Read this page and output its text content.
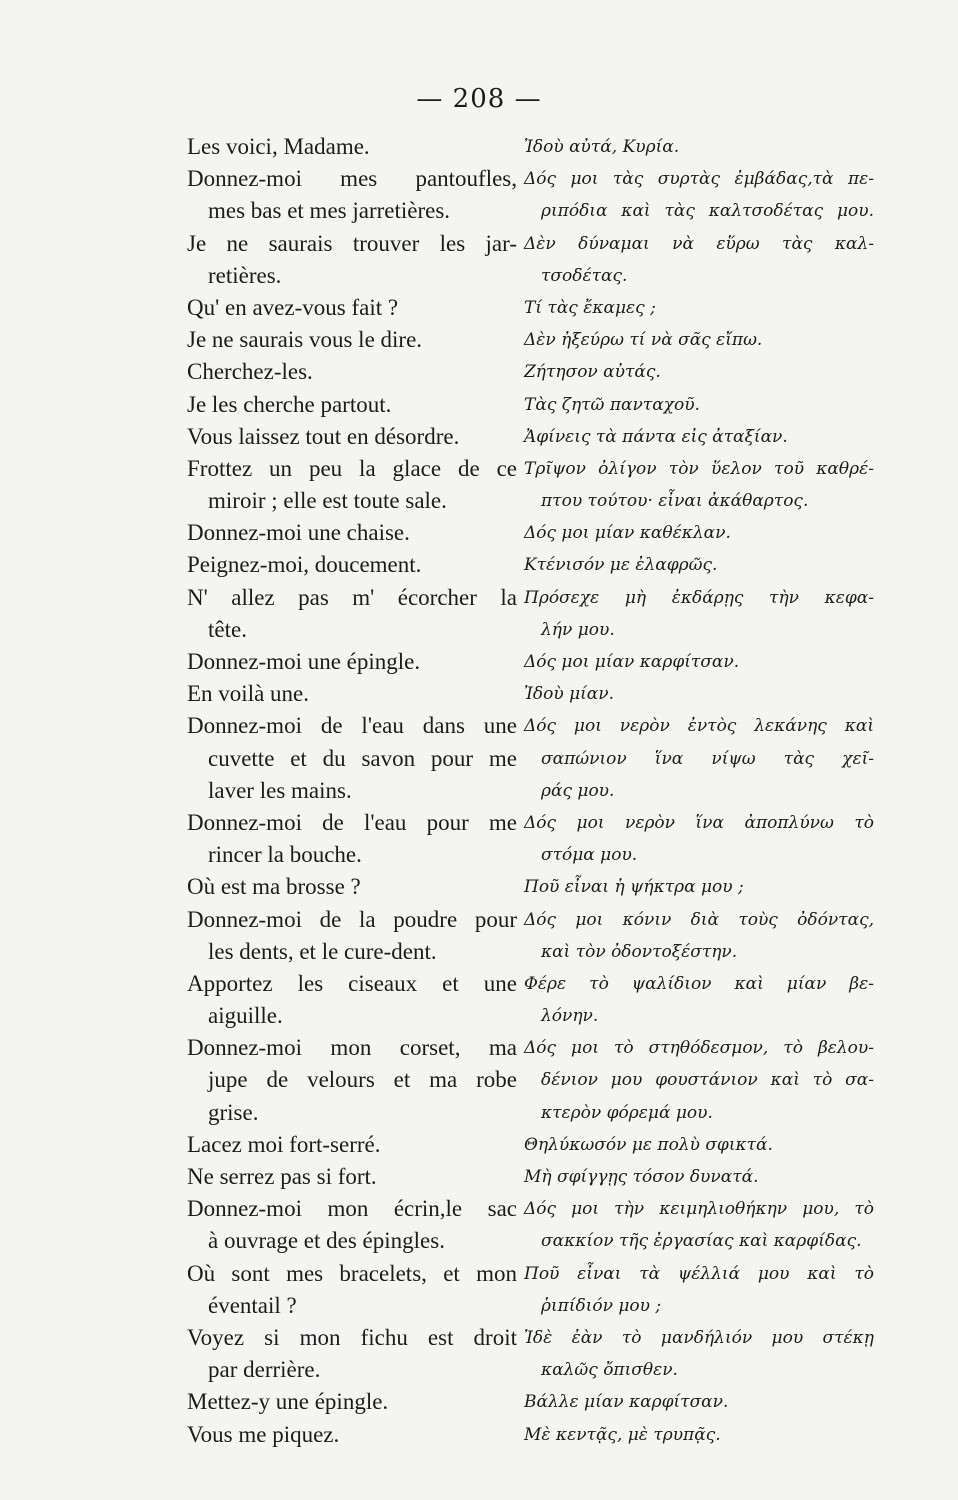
— 208 —
Les voici, Madame.	Ἰδοὺ αὐτά, Κυρία.
Donnez-moi mes pantoufles, Δός μοι τὰς συρτὰς ἐμβάδας,τὰ πε-
mes bas et mes jarretières.	ριπόδια καὶ τὰς καλτσοδέτας μου.
Je ne saurais trouver les jar- Δὲν δύναμαι νὰ εὕρω τὰς καλ-
retières.	τσοδέτας.
Qu' en avez-vous fait ?	Τί τὰς ἔκαμες ;
Je ne saurais vous le dire.	Δὲν ἠξεύρω τί νὰ σᾶς εἴπω.
Cherchez-les.	Ζήτησον αὐτάς.
Je les cherche partout.	Τὰς ζητῶ πανταχοῦ.
Vous laissez tout en désordre.	Ἀφίνεις τὰ πάντα εἰς ἀταξίαν.
Frottez un peu la glace de ce Τρῖψον ὀλίγον τὸν ὕελον τοῦ καθρέ-
miroir ; elle est toute sale.	πτου τούτου· εἶναι ἀκάθαρτος.
Donnez-moi une chaise.	Δός μοι μίαν καθέκλαν.
Peignez-moi, doucement.	Κτένισόν με ἐλαφρῶς.
N' allez pas m' écorcher la Πρόσεχε μὴ ἐκδάρῃς τὴν κεφα-
tête.	λήν μου.
Donnez-moi une épingle.	Δός μοι μίαν καρφίτσαν.
En voilà une.	Ἰδοὺ μίαν.
Donnez-moi de l'eau dans une Δός μοι νερὸν ἐντὸς λεκάνης καὶ
cuvette et du savon pour me σαπώνιον ἵνα νίψω τὰς χεῖ-
laver les mains.	ράς μου.
Donnez-moi de l'eau pour me Δός μοι νερὸν ἵνα ἀποπλύνω τὸ
rincer la bouche.	στόμα μου.
Où est ma brosse ?	Ποῦ εἶναι ἡ ψήκτρα μου ;
Donnez-moi de la poudre pour Δός μοι κόνιν διὰ τοὺς ὀδόντας,
les dents, et le cure-dent.	καὶ τὸν ὀδοντοξέστην.
Apportez les ciseaux et une Φέρε τὸ ψαλίδιον καὶ μίαν βε-
aiguille.	λόνην.
Donnez-moi mon corset, ma Δός μοι τὸ στηθόδεσμον, τὸ βελου-
jupe de velours et ma robe δένιον μου φουστάνιον καὶ τὸ σα-
grise.	κτερὸν φόρεμά μου.
Lacez moi fort-serré.	Θηλύκωσόν με πολὺ σφικτά.
Ne serrez pas si fort.	Μὴ σφίγγῃς τόσον δυνατά.
Donnez-moi mon écrin,le sac Δός μοι τὴν κειμηλιοθήκην μου, τὸ
à ouvrage et des épingles.	σακκίον τῆς ἐργασίας καὶ καρφίδας.
Où sont mes bracelets, et mon Ποῦ εἶναι τὰ ψέλλιά μου καὶ τὸ
éventail ?	ῥιπίδιόν μου ;
Voyez si mon fichu est droit Ἰδὲ ἐὰν τὸ μανδήλιόν μου στέκῃ
par derrière.	καλῶς ὄπισθεν.
Mettez-y une épingle.	Βάλλε μίαν καρφίτσαν.
Vous me piquez.	Μὲ κεντᾷς, μὲ τρυπᾷς.
